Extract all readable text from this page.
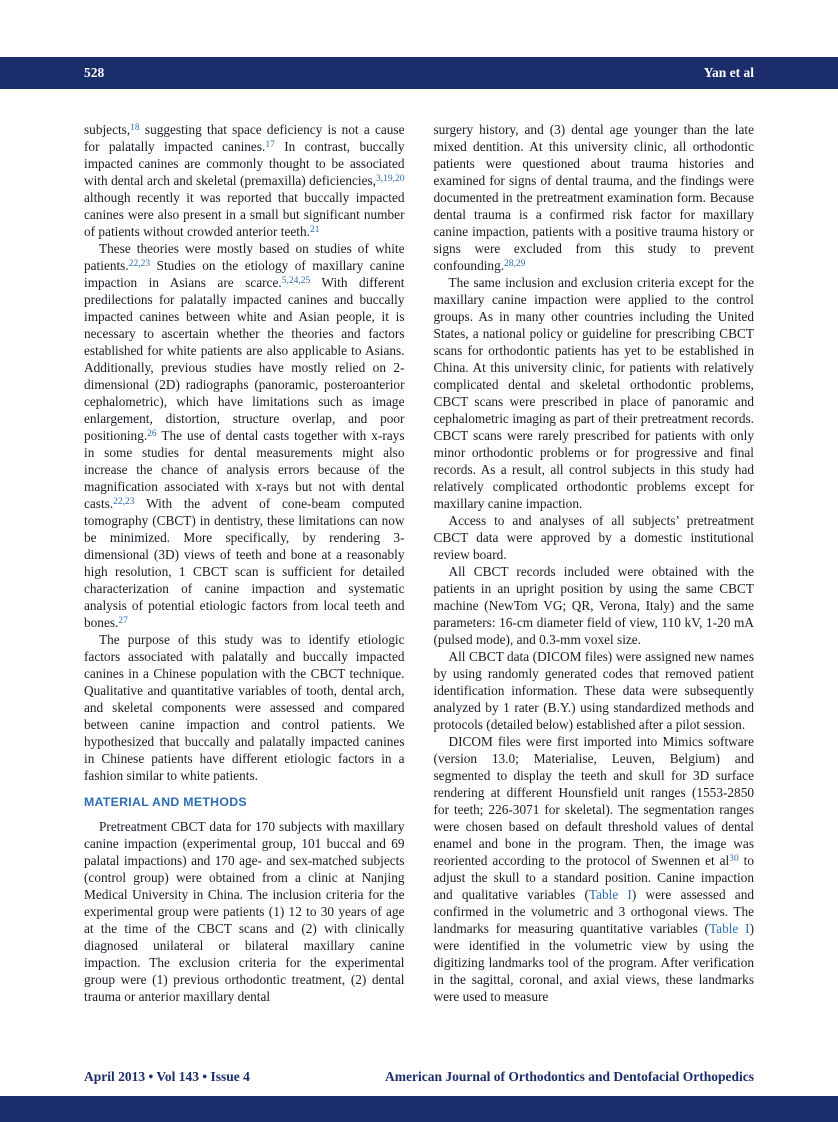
528	Yan et al

subjects,$^{18}$ suggesting that space deficiency is not a cause for palatally impacted canines.$^{17}$ In contrast, buccally impacted canines are commonly thought to be associated with dental arch and skeletal (premaxilla) deficiencies,$^{3,19,20}$ although recently it was reported that buccally impacted canines were also present in a small but significant number of patients without crowded anterior teeth.$^{21}$

These theories were mostly based on studies of white patients.$^{22,23}$ Studies on the etiology of maxillary canine impaction in Asians are scarce.$^{5,24,25}$ With different predilections for palatally impacted canines and buccally impacted canines between white and Asian people, it is necessary to ascertain whether the theories and factors established for white patients are also applicable to Asians. Additionally, previous studies have mostly relied on 2-dimensional (2D) radiographs (panoramic, posteroanterior cephalometric), which have limitations such as image enlargement, distortion, structure overlap, and poor positioning.$^{26}$ The use of dental casts together with x-rays in some studies for dental measurements might also increase the chance of analysis errors because of the magnification associated with x-rays but not with dental casts.$^{22,23}$ With the advent of cone-beam computed tomography (CBCT) in dentistry, these limitations can now be minimized. More specifically, by rendering 3-dimensional (3D) views of teeth and bone at a reasonably high resolution, 1 CBCT scan is sufficient for detailed characterization of canine impaction and systematic analysis of potential etiologic factors from local teeth and bones.$^{27}$

The purpose of this study was to identify etiologic factors associated with palatally and buccally impacted canines in a Chinese population with the CBCT technique. Qualitative and quantitative variables of tooth, dental arch, and skeletal components were assessed and compared between canine impaction and control patients. We hypothesized that buccally and palatally impacted canines in Chinese patients have different etiologic factors in a fashion similar to white patients.

MATERIAL AND METHODS

Pretreatment CBCT data for 170 subjects with maxillary canine impaction (experimental group, 101 buccal and 69 palatal impactions) and 170 age- and sex-matched subjects (control group) were obtained from a clinic at Nanjing Medical University in China. The inclusion criteria for the experimental group were patients (1) 12 to 30 years of age at the time of the CBCT scans and (2) with clinically diagnosed unilateral or bilateral maxillary canine impaction. The exclusion criteria for the experimental group were (1) previous orthodontic treatment, (2) dental trauma or anterior maxillary dental

surgery history, and (3) dental age younger than the late mixed dentition. At this university clinic, all orthodontic patients were questioned about trauma histories and examined for signs of dental trauma, and the findings were documented in the pretreatment examination form. Because dental trauma is a confirmed risk factor for maxillary canine impaction, patients with a positive trauma history or signs were excluded from this study to prevent confounding.$^{28,29}$

The same inclusion and exclusion criteria except for the maxillary canine impaction were applied to the control groups. As in many other countries including the United States, a national policy or guideline for prescribing CBCT scans for orthodontic patients has yet to be established in China. At this university clinic, for patients with relatively complicated dental and skeletal orthodontic problems, CBCT scans were prescribed in place of panoramic and cephalometric imaging as part of their pretreatment records. CBCT scans were rarely prescribed for patients with only minor orthodontic problems or for progressive and final records. As a result, all control subjects in this study had relatively complicated orthodontic problems except for maxillary canine impaction.

Access to and analyses of all subjects’ pretreatment CBCT data were approved by a domestic institutional review board.

All CBCT records included were obtained with the patients in an upright position by using the same CBCT machine (NewTom VG; QR, Verona, Italy) and the same parameters: 16-cm diameter field of view, 110 kV, 1-20 mA (pulsed mode), and 0.3-mm voxel size.

All CBCT data (DICOM files) were assigned new names by using randomly generated codes that removed patient identification information. These data were subsequently analyzed by 1 rater (B.Y.) using standardized methods and protocols (detailed below) established after a pilot session.

DICOM files were first imported into Mimics software (version 13.0; Materialise, Leuven, Belgium) and segmented to display the teeth and skull for 3D surface rendering at different Hounsfield unit ranges (1553-2850 for teeth; 226-3071 for skeletal). The segmentation ranges were chosen based on default threshold values of dental enamel and bone in the program. Then, the image was reoriented according to the protocol of Swennen et al$^{30}$ to adjust the skull to a standard position. Canine impaction and qualitative variables (Table I) were assessed and confirmed in the volumetric and 3 orthogonal views. The landmarks for measuring quantitative variables (Table I) were identified in the volumetric view by using the digitizing landmarks tool of the program. After verification in the sagittal, coronal, and axial views, these landmarks were used to measure

April 2013 • Vol 143 • Issue 4	American Journal of Orthodontics and Dentofacial Orthopedics
